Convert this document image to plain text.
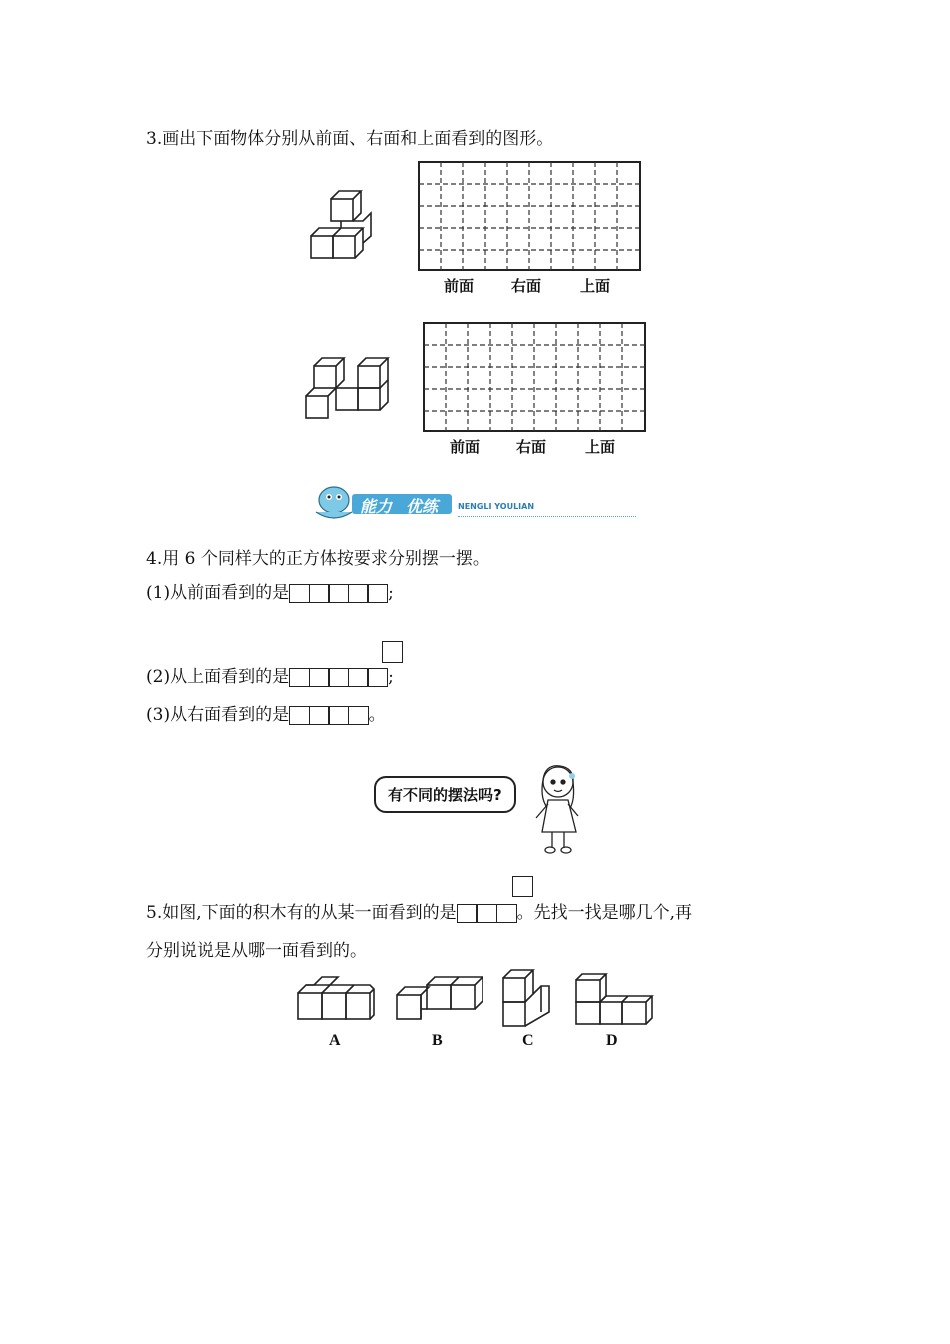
3.画出下面物体分别从前面、右面和上面看到的图形。
前面 右面	上面
前面 右面	上面
能力 优练 NENGLI YOULIAN
4.用 6 个同样大的正方体按要求分别摆一摆。
(1)从前面看到的是	;
(2)从上面看到的是	;
(3)从右面看到的是	。
有不同的摆法吗?
5.如图,下面的积木有的从某一面看到的是	。先找一找是哪几个,再
分别说说是从哪一面看到的。
A	B	C	D
